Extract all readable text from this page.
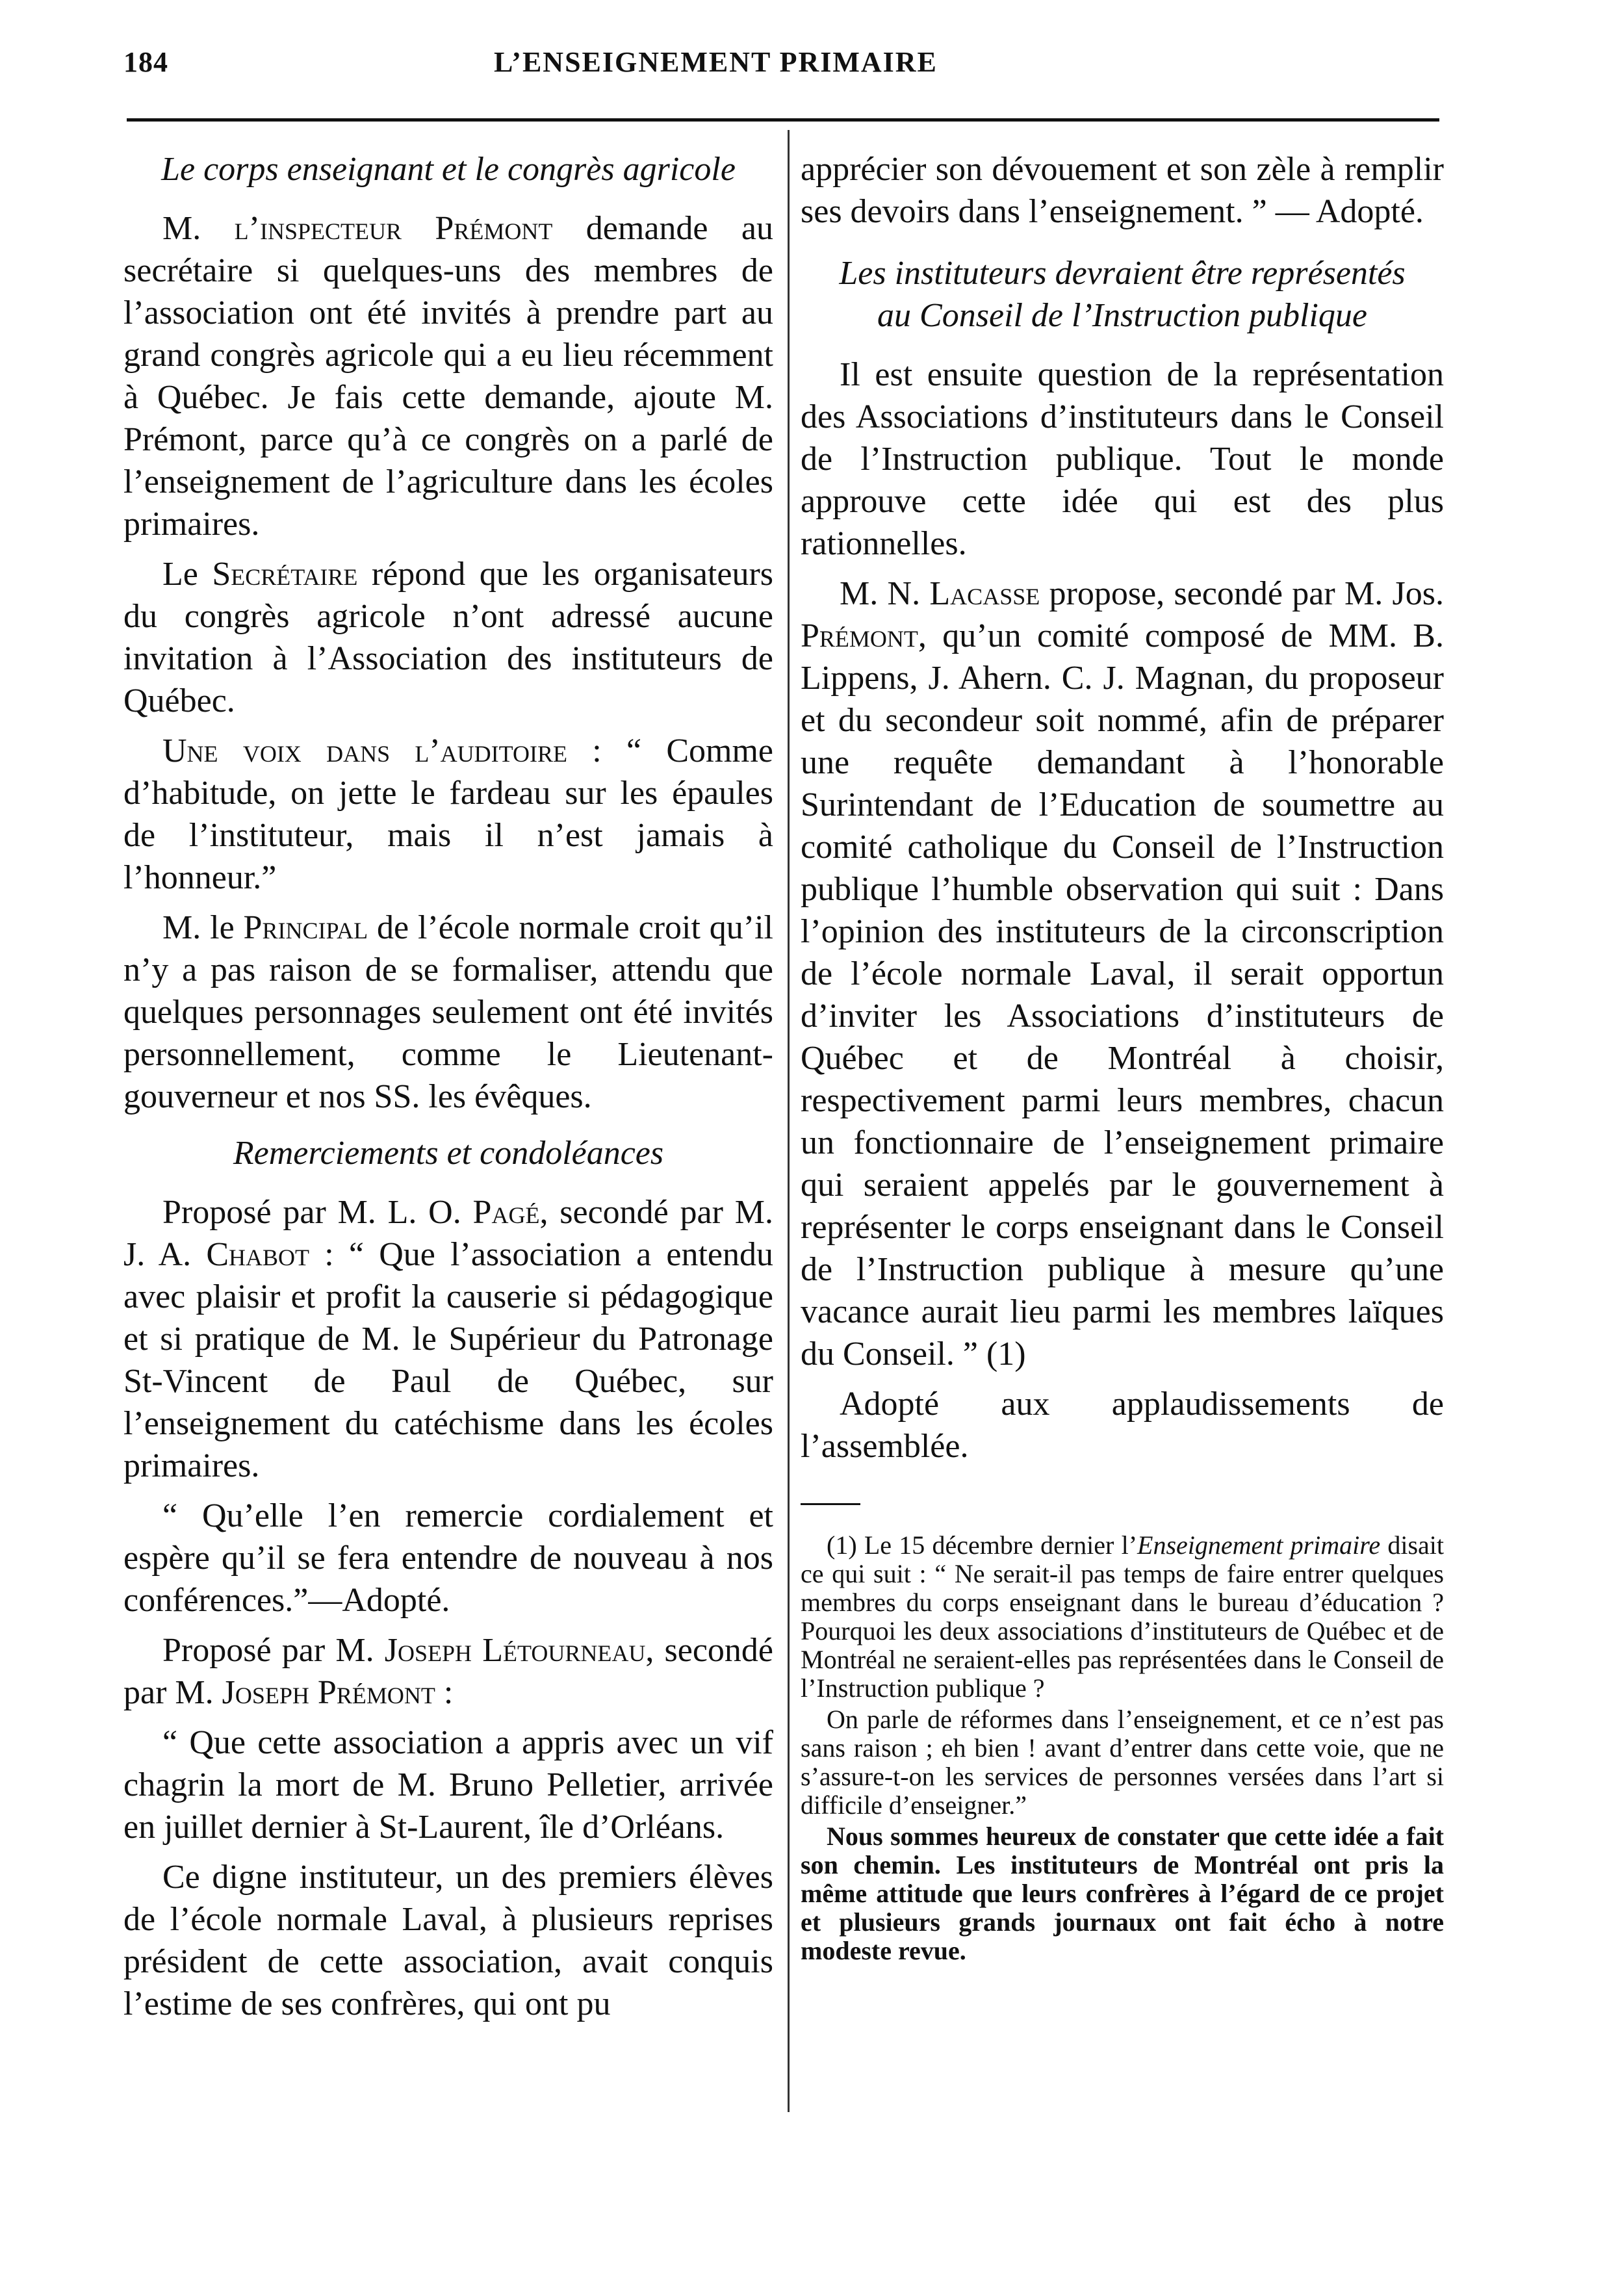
184	L’ENSEIGNEMENT PRIMAIRE
Le corps enseignant et le congrès agricole

M. l’inspecteur Prémont demande au secrétaire si quelques-uns des membres de l’association ont été invités à prendre part au grand congrès agricole qui a eu lieu récemment à Québec. Je fais cette demande, ajoute M. Prémont, parce qu’à ce congrès on a parlé de l’enseignement de l’agriculture dans les écoles primaires.

Le Secrétaire répond que les organisateurs du congrès agricole n’ont adressé aucune invitation à l’Association des instituteurs de Québec.

Une voix dans l’auditoire : “ Comme d’habitude, on jette le fardeau sur les épaules de l’instituteur, mais il n’est jamais à l’honneur.”

M. le Principal de l’école normale croit qu’il n’y a pas raison de se formaliser, attendu que quelques personnages seulement ont été invités personnellement, comme le Lieutenant-gouverneur et nos SS. les évêques.

Remerciements et condoléances

Proposé par M. L. O. Pagé, secondé par M. J. A. Chabot : “ Que l’association a entendu avec plaisir et profit la causerie si pédagogique et si pratique de M. le Supérieur du Patronage St-Vincent de Paul de Québec, sur l’enseignement du catéchisme dans les écoles primaires.

“ Qu’elle l’en remercie cordialement et espère qu’il se fera entendre de nouveau à nos conférences.”—Adopté.

Proposé par M. Joseph Létourneau, secondé par M. Joseph Prémont :

“ Que cette association a appris avec un vif chagrin la mort de M. Bruno Pelletier, arrivée en juillet dernier à St-Laurent, île d’Orléans.

Ce digne instituteur, un des premiers élèves de l’école normale Laval, à plusieurs reprises président de cette association, avait conquis l’estime de ses confrères, qui ont pu

apprécier son dévouement et son zèle à remplir ses devoirs dans l’enseignement. ” — Adopté.

Les instituteurs devraient être représentés
au Conseil de l’Instruction publique

Il est ensuite question de la représentation des Associations d’instituteurs dans le Conseil de l’Instruction publique. Tout le monde approuve cette idée qui est des plus rationnelles.

M. N. Lacasse propose, secondé par M. Jos. Prémont, qu’un comité composé de MM. B. Lippens, J. Ahern. C. J. Magnan, du proposeur et du secondeur soit nommé, afin de préparer une requête demandant à l’honorable Surintendant de l’Education de soumettre au comité catholique du Conseil de l’Instruction publique l’humble observation qui suit : Dans l’opinion des instituteurs de la circonscription de l’école normale Laval, il serait opportun d’inviter les Associations d’instituteurs de Québec et de Montréal à choisir, respectivement parmi leurs membres, chacun un fonctionnaire de l’enseignement primaire qui seraient appelés par le gouvernement à représenter le corps enseignant dans le Conseil de l’Instruction publique à mesure qu’une vacance aurait lieu parmi les membres laïques du Conseil. ” (1)

Adopté aux applaudissements de l’assemblée.

(1) Le 15 décembre dernier l’Enseignement primaire disait ce qui suit : “ Ne serait-il pas temps de faire entrer quelques membres du corps enseignant dans le bureau d’éducation ? Pourquoi les deux associations d’instituteurs de Québec et de Montréal ne seraient-elles pas représentées dans le Conseil de l’Instruction publique ?

On parle de réformes dans l’enseignement, et ce n’est pas sans raison ; eh bien ! avant d’entrer dans cette voie, que ne s’assure-t-on les services de personnes versées dans l’art si difficile d’enseigner.”

Nous sommes heureux de constater que cette idée a fait son chemin. Les instituteurs de Montréal ont pris la même attitude que leurs confrères à l’égard de ce projet et plusieurs grands journaux ont fait écho à notre modeste revue.
